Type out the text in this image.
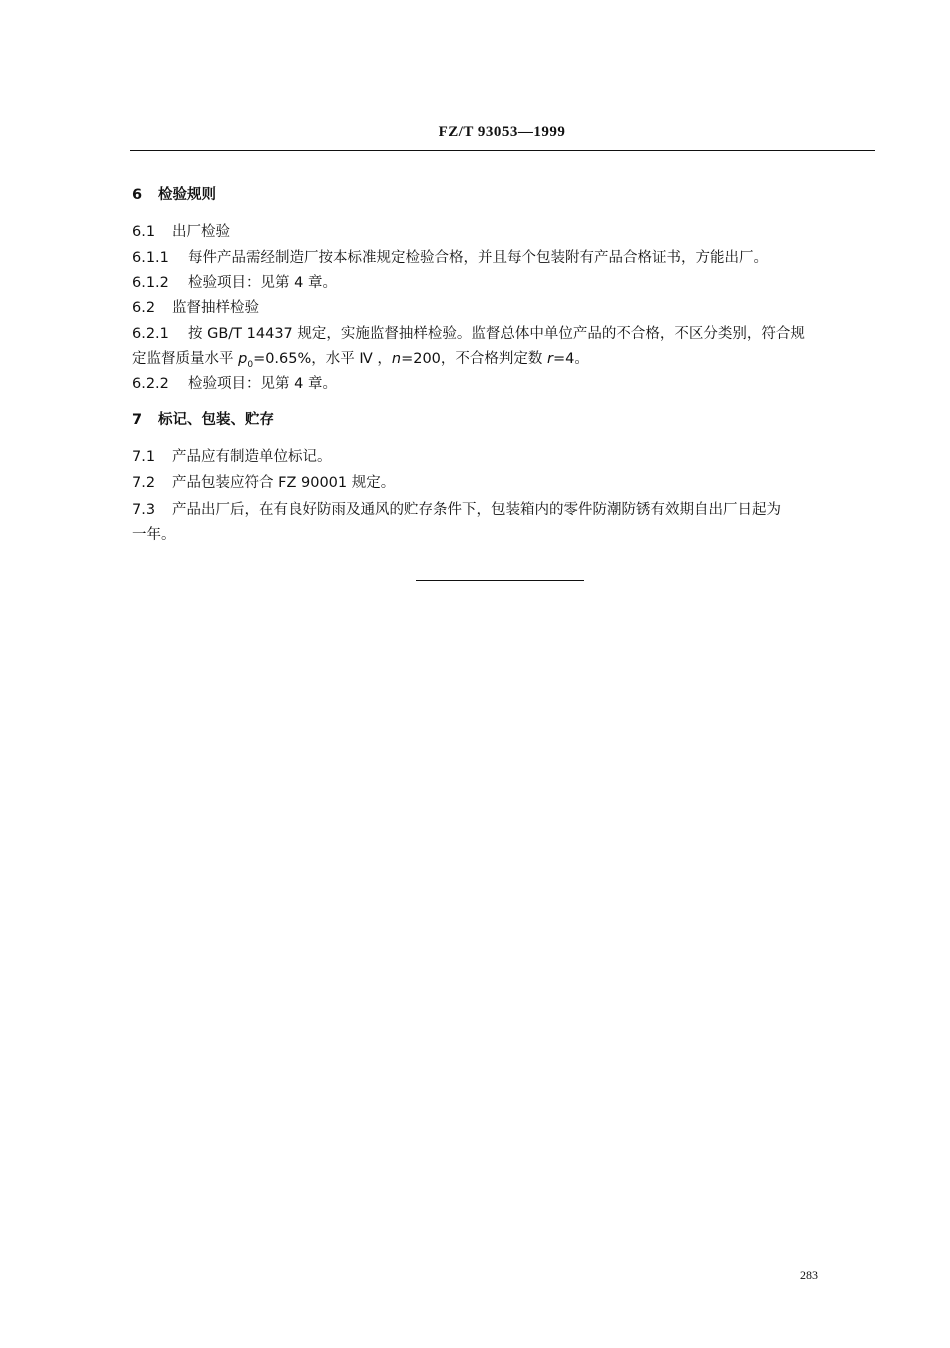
FZ/T 93053—1999
6 检验规则
6.1 出厂检验
6.1.1 每件产品需经制造厂按本标准规定检验合格，并且每个包装附有产品合格证书，方能出厂。
6.1.2 检验项目：见第 4 章。
6.2 监督抽样检验
6.2.1 按 GB/T 14437 规定，实施监督抽样检验。监督总体中单位产品的不合格，不区分类别，符合规
定监督质量水平 $p_0=0.65\%$，水平 Ⅳ ，n=200，不合格判定数 r=4。
6.2.2 检验项目：见第 4 章。
7 标记、包装、贮存
7.1 产品应有制造单位标记。
7.2 产品包装应符合 FZ 90001 规定。
7.3 产品出厂后，在有良好防雨及通风的贮存条件下，包装箱内的零件防潮防锈有效期自出厂日起为
一年。
283
